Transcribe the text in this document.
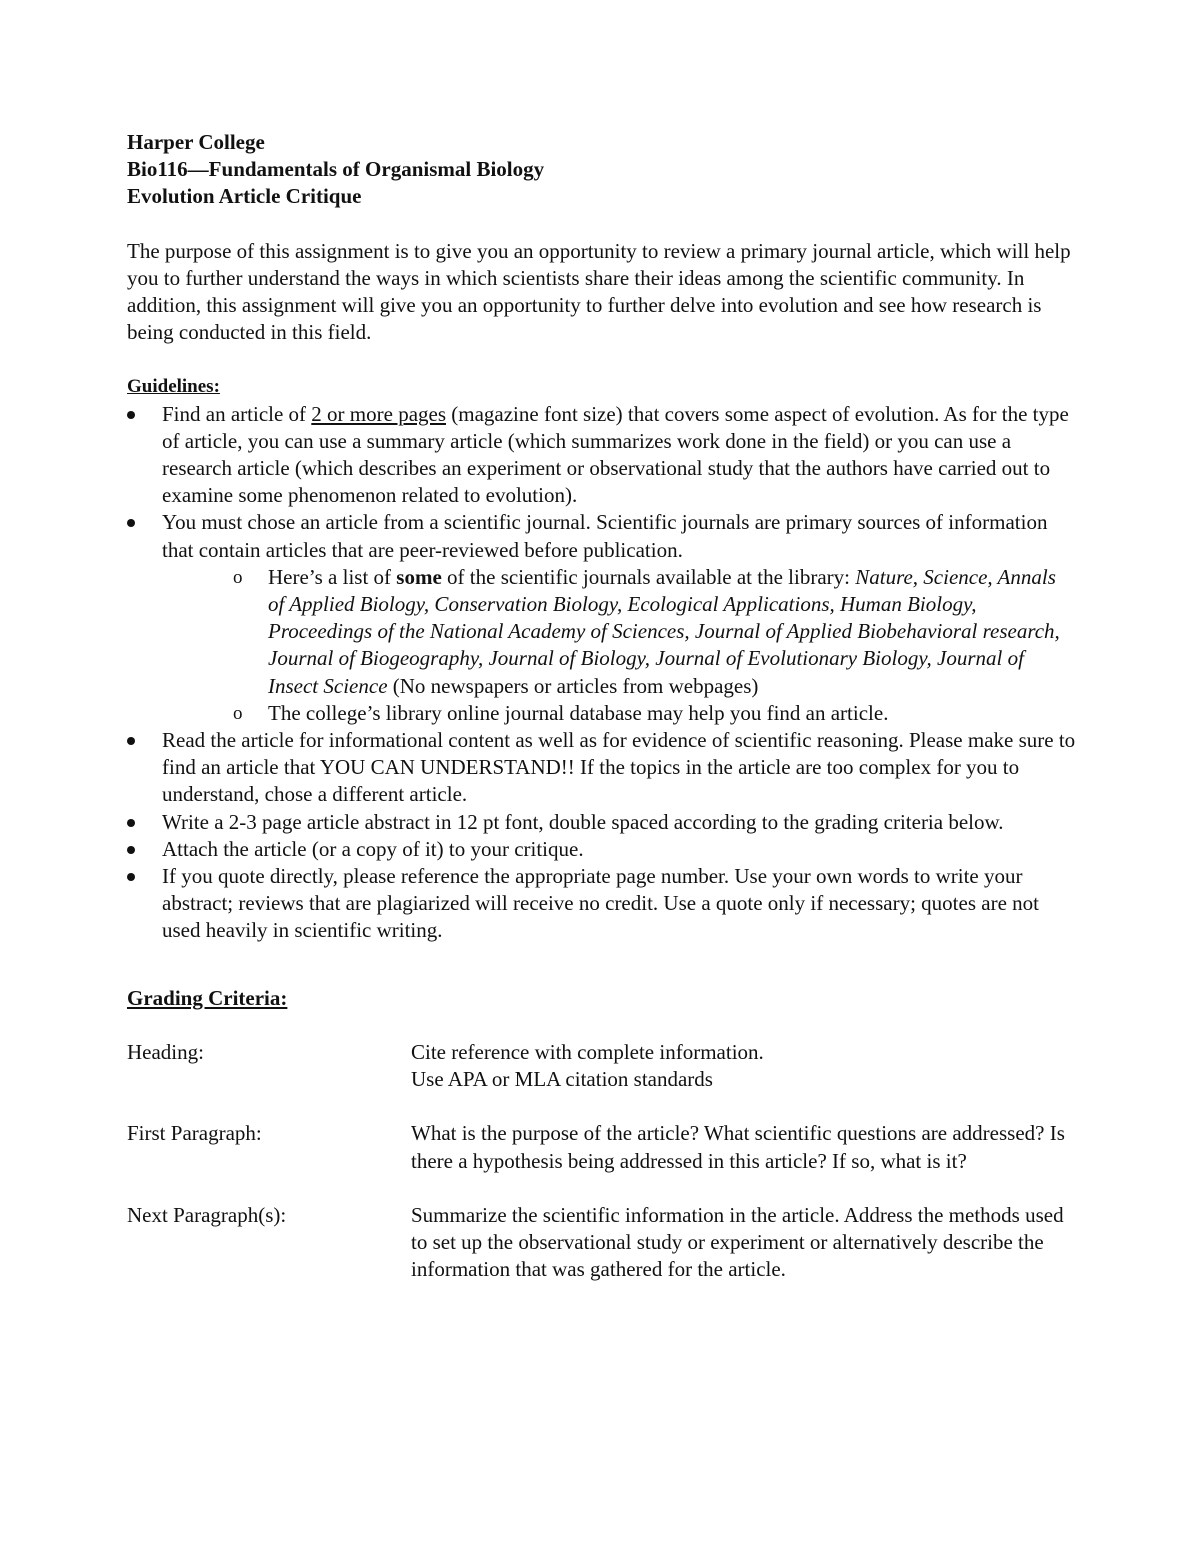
Harper College

Bio116—Fundamentals of Organismal Biology

Evolution Article Critique

The purpose of this assignment is to give you an opportunity to review a primary journal article, which will help you to further understand the ways in which scientists share their ideas among the scientific community. In addition, this assignment will give you an opportunity to further delve into evolution and see how research is being conducted in this field.

Guidelines:

Find an article of 2 or more pages (magazine font size) that covers some aspect of evolution. As for the type of article, you can use a summary article (which summarizes work done in the field) or you can use a research article (which describes an experiment or observational study that the authors have carried out to examine some phenomenon related to evolution).
You must chose an article from a scientific journal. Scientific journals are primary sources of information that contain articles that are peer-reviewed before publication.
o Here’s a list of some of the scientific journals available at the library: Nature, Science, Annals of Applied Biology, Conservation Biology, Ecological Applications, Human Biology, Proceedings of the National Academy of Sciences, Journal of Applied Biobehavioral research, Journal of Biogeography, Journal of Biology, Journal of Evolutionary Biology, Journal of Insect Science (No newspapers or articles from webpages)
o The college’s library online journal database may help you find an article.
Read the article for informational content as well as for evidence of scientific reasoning. Please make sure to find an article that YOU CAN UNDERSTAND!! If the topics in the article are too complex for you to understand, chose a different article.
Write a 2-3 page article abstract in 12 pt font, double spaced according to the grading criteria below.
Attach the article (or a copy of it) to your critique.
If you quote directly, please reference the appropriate page number. Use your own words to write your abstract; reviews that are plagiarized will receive no credit. Use a quote only if necessary; quotes are not used heavily in scientific writing.

Grading Criteria:

Heading:	Cite reference with complete information.
Use APA or MLA citation standards
First Paragraph:	What is the purpose of the article? What scientific questions are addressed? Is there a hypothesis being addressed in this article? If so, what is it?
Next Paragraph(s):	Summarize the scientific information in the article. Address the methods used to set up the observational study or experiment or alternatively describe the information that was gathered for the article.
